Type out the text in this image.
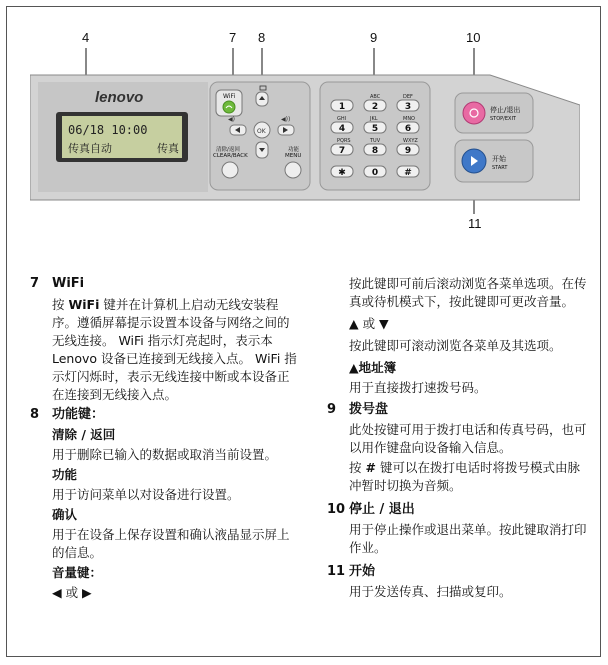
4	7 8	9	10
11
lenovo
06/18 10:00
传真自动	传真
WiFi
◀)
OK
◀))
清除/返回 CLEAR/BACK
功能 MENU
1
ABC
2
DEF
3
GHI
4
JKL
5
MNO
6
PQRS
7
TUV
8
WXYZ
9
✱	0	#
停止/退出
STOP/EXIT
开始
START

7 WiFi

按 WiFi 键并在计算机上启动无线安装程序。遵循屏幕提示设置本设备与网络之间的无线连接。 WiFi 指示灯亮起时，表示本 Lenovo 设备已连接到无线接入点。 WiFi 指示灯闪烁时，表示无线连接中断或本设备正在连接到无线接入点。

8 功能键：

清除 / 返回

用于删除已输入的数据或取消当前设置。

功能

用于访问菜单以对设备进行设置。

确认

用于在设备上保存设置和确认液晶显示屏上的信息。

音量键：

◀ 或 ▶

按此键即可前后滚动浏览各菜单选项。在传真或待机模式下，按此键即可更改音量。

▲ 或 ▼

按此键即可滚动浏览各菜单及其选项。

▲地址簿

用于直接拨打速拨号码。

9 拨号盘

此处按键可用于拨打电话和传真号码，也可以用作键盘向设备输入信息。

按 # 键可以在拨打电话时将拨号模式由脉冲暂时切换为音频。

10 停止 / 退出

用于停止操作或退出菜单。按此键取消打印作业。

11 开始

用于发送传真、扫描或复印。
